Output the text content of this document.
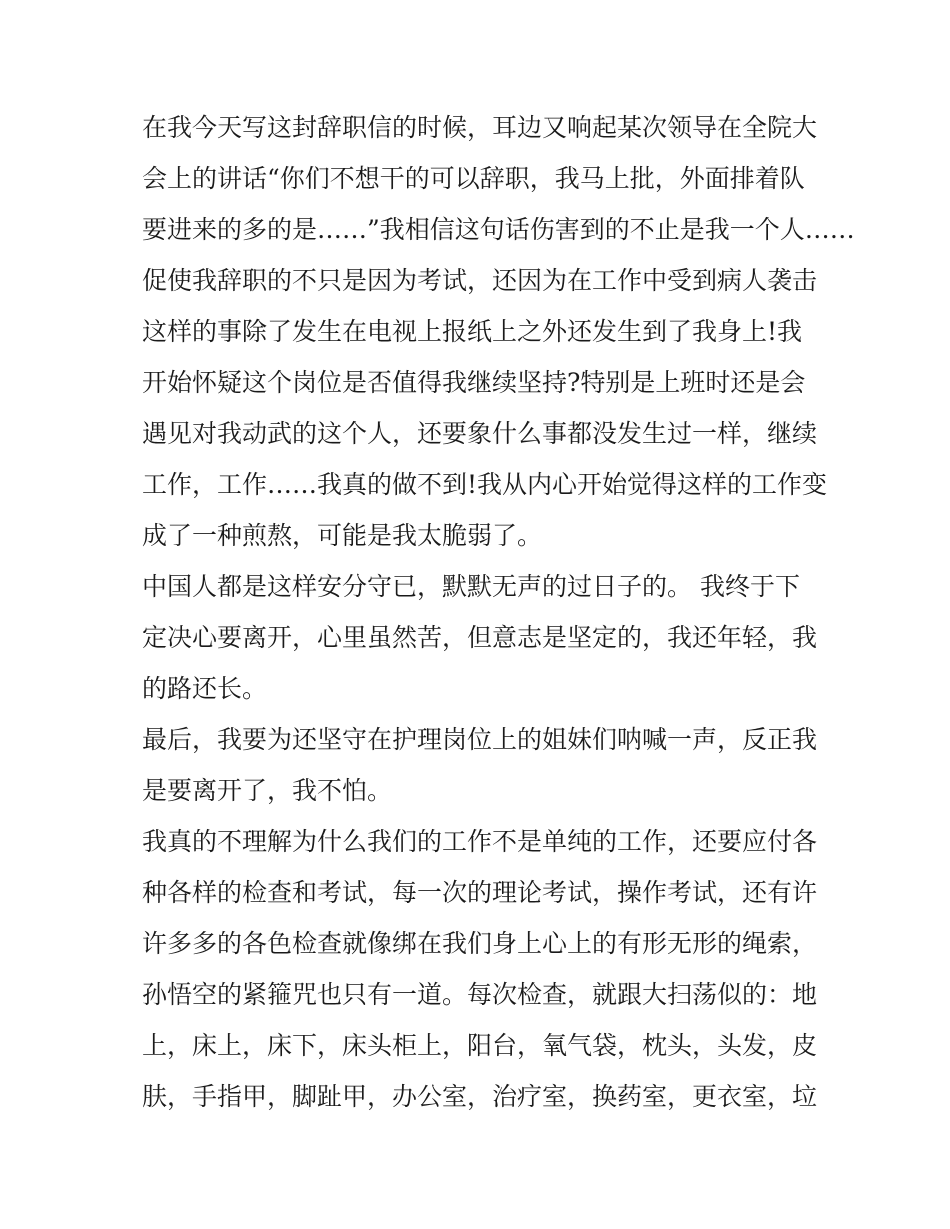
在我今天写这封辞职信的时候，耳边又响起某次领导在全院大
会上的讲话“你们不想干的可以辞职，我马上批，外面排着队
要进来的多的是……”我相信这句话伤害到的不止是我一个人……
促使我辞职的不只是因为考试，还因为在工作中受到病人袭击
这样的事除了发生在电视上报纸上之外还发生到了我身上!我
开始怀疑这个岗位是否值得我继续坚持?特别是上班时还是会
遇见对我动武的这个人，还要象什么事都没发生过一样，继续
工作，工作……我真的做不到!我从内心开始觉得这样的工作变
成了一种煎熬，可能是我太脆弱了。
中国人都是这样安分守已，默默无声的过日子的。 我终于下
定决心要离开，心里虽然苦，但意志是坚定的，我还年轻，我
的路还长。
最后，我要为还坚守在护理岗位上的姐妹们呐喊一声，反正我
是要离开了，我不怕。
我真的不理解为什么我们的工作不是单纯的工作，还要应付各
种各样的检查和考试，每一次的理论考试，操作考试，还有许
许多多的各色检查就像绑在我们身上心上的有形无形的绳索，
孙悟空的紧箍咒也只有一道。每次检查，就跟大扫荡似的：地
上，床上，床下，床头柜上，阳台，氧气袋，枕头，头发，皮
肤，手指甲，脚趾甲，办公室，治疗室，换药室，更衣室，垃
